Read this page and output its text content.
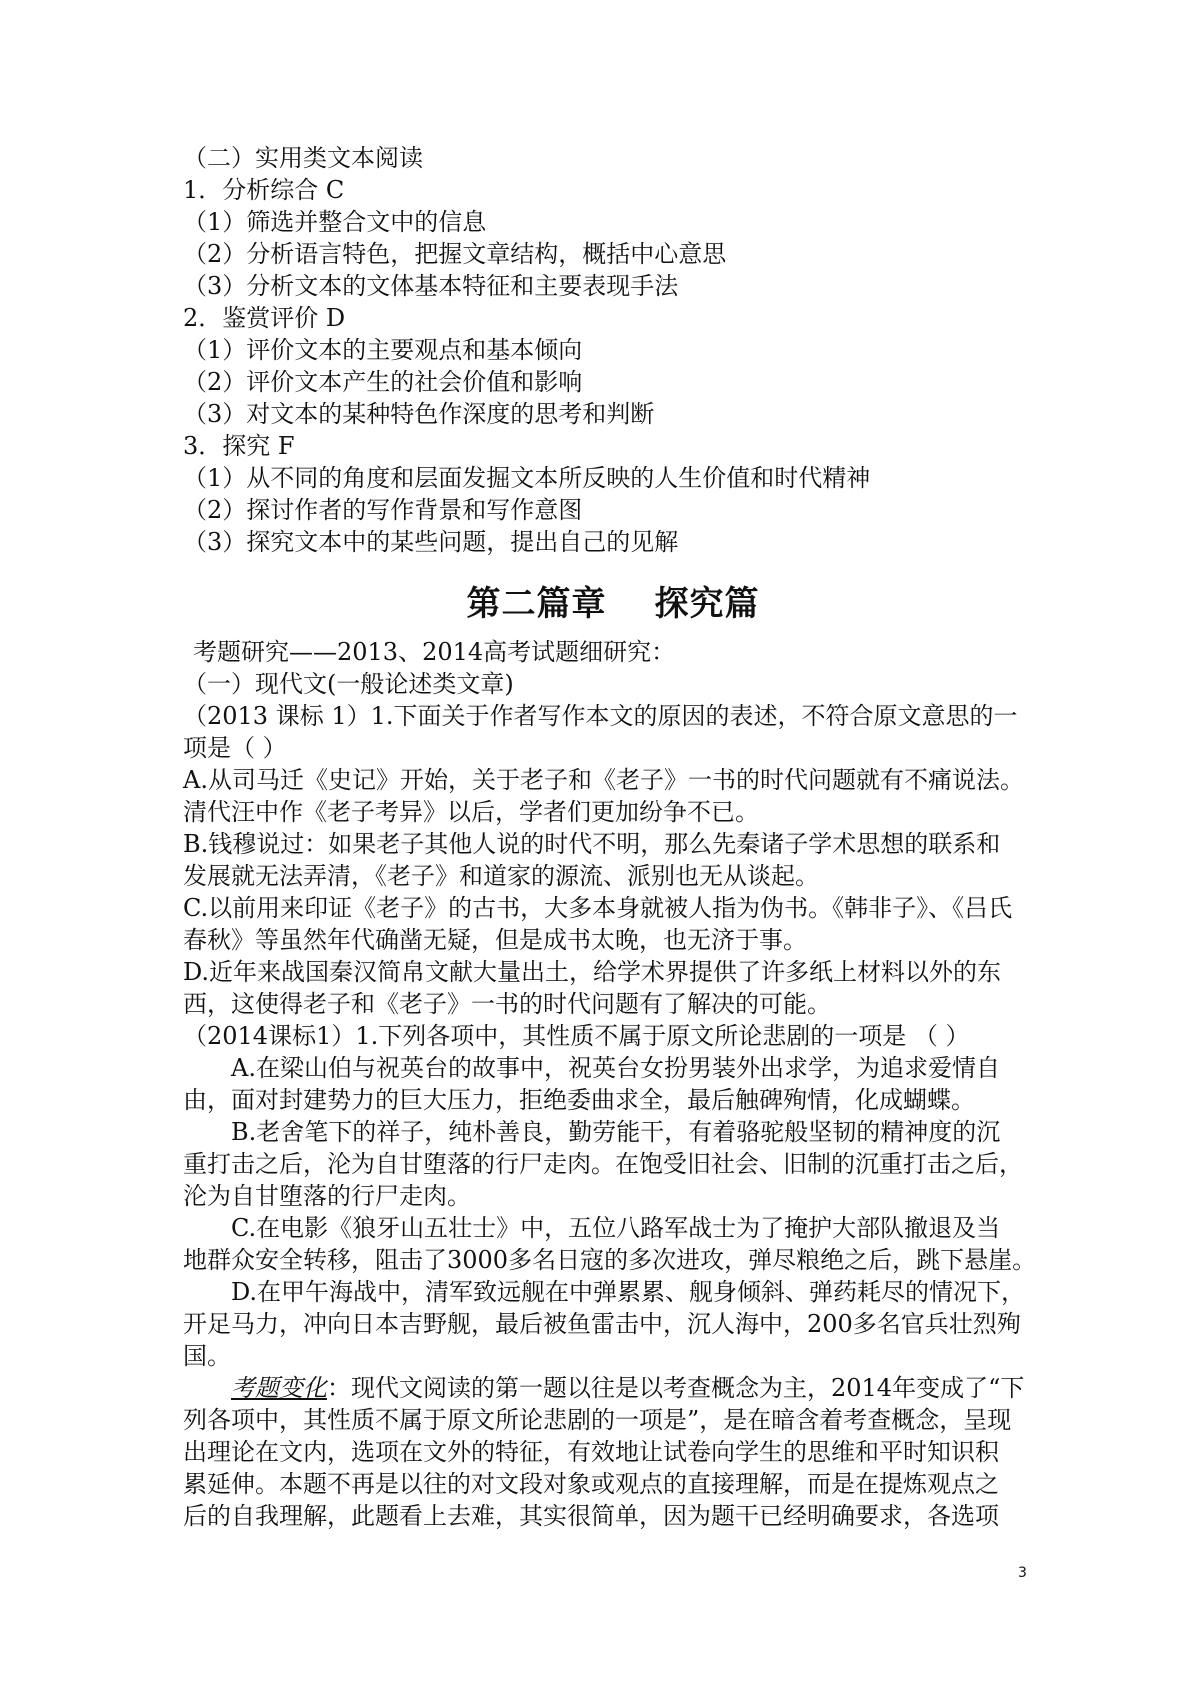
（二）实用类文本阅读
1．分析综合 C
（1）筛选并整合文中的信息
（2）分析语言特色，把握文章结构，概括中心意思
（3）分析文本的文体基本特征和主要表现手法
2．鉴赏评价 D
（1）评价文本的主要观点和基本倾向
（2）评价文本产生的社会价值和影响
（3）对文本的某种特色作深度的思考和判断
3．探究 F
（1）从不同的角度和层面发掘文本所反映的人生价值和时代精神
（2）探讨作者的写作背景和写作意图
（3）探究文本中的某些问题，提出自己的见解
第二篇章 探究篇
考题研究——2013、2014高考试题细研究：
（一）现代文(一般论述类文章)
（2013 课标 1）1.下面关于作者写作本文的原因的表述，不符合原文意思的一
项是（ ）
A.从司马迁《史记》开始，关于老子和《老子》一书的时代问题就有不痛说法。
清代汪中作《老子考异》以后，学者们更加纷争不已。
B.钱穆说过：如果老子其他人说的时代不明，那么先秦诸子学术思想的联系和
发展就无法弄清，《老子》和道家的源流、派别也无从谈起。
C.以前用来印证《老子》的古书，大多本身就被人指为伪书。《韩非子》、《吕氏
春秋》等虽然年代确凿无疑，但是成书太晚，也无济于事。
D.近年来战国秦汉简帛文献大量出土，给学术界提供了许多纸上材料以外的东
西，这使得老子和《老子》一书的时代问题有了解决的可能。
（2014课标1）1.下列各项中，其性质不属于原文所论悲剧的一项是 （ ）
A.在梁山伯与祝英台的故事中，祝英台女扮男装外出求学，为追求爱情自
由，面对封建势力的巨大压力，拒绝委曲求全，最后触碑殉情，化成蝴蝶。
B.老舍笔下的祥子，纯朴善良，勤劳能干，有着骆驼般坚韧的精神度的沉
重打击之后，沦为自甘堕落的行尸走肉。在饱受旧社会、旧制的沉重打击之后，
沦为自甘堕落的行尸走肉。
C.在电影《狼牙山五壮士》中，五位八路军战士为了掩护大部队撤退及当
地群众安全转移，阻击了3000多名日寇的多次进攻，弹尽粮绝之后，跳下悬崖。
D.在甲午海战中，清军致远舰在中弹累累、舰身倾斜、弹药耗尽的情况下，
开足马力，冲向日本吉野舰，最后被鱼雷击中，沉人海中，200多名官兵壮烈殉
国。
考题变化：现代文阅读的第一题以往是以考查概念为主，2014年变成了“下
列各项中，其性质不属于原文所论悲剧的一项是”，是在暗含着考查概念，呈现
出理论在文内，选项在文外的特征，有效地让试卷向学生的思维和平时知识积
累延伸。本题不再是以往的对文段对象或观点的直接理解，而是在提炼观点之
后的自我理解，此题看上去难，其实很简单，因为题干已经明确要求，各选项
3
